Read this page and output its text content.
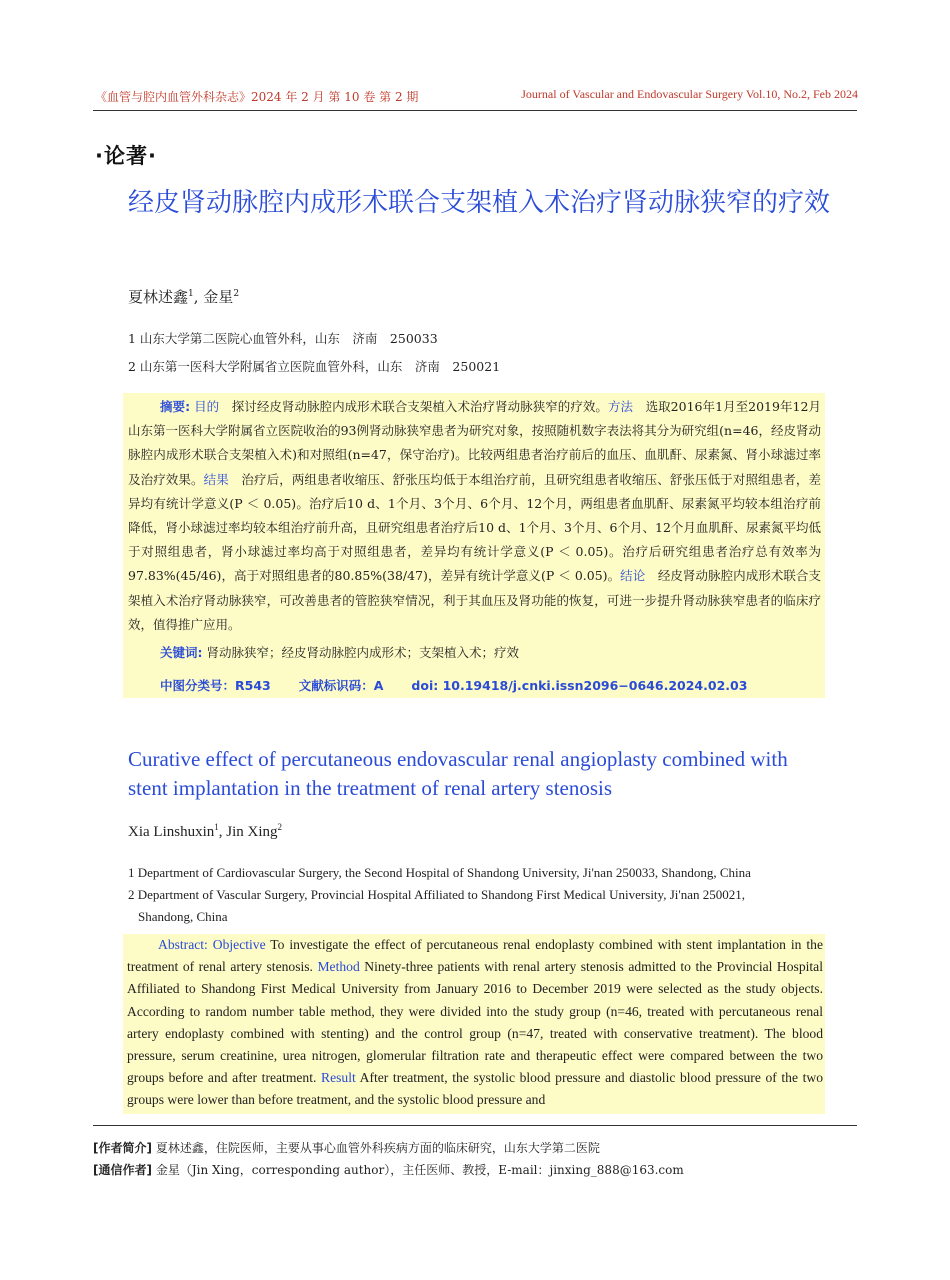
《血管与腔内血管外科杂志》2024 年 2 月 第 10 卷 第 2 期	Journal of Vascular and Endovascular Surgery Vol.10, No.2, Feb 2024
·论著·
经皮肾动脉腔内成形术联合支架植入术治疗肾动脉狭窄的疗效
夏林述鑫$^1$, 金星$^2$
1 山东大学第二医院心血管外科，山东　济南　250033
2 山东第一医科大学附属省立医院血管外科，山东　济南　250021
摘要: 目的　探讨经皮肾动脉腔内成形术联合支架植入术治疗肾动脉狭窄的疗效。方法　选取2016年1月至2019年12月山东第一医科大学附属省立医院收治的93例肾动脉狭窄患者为研究对象，按照随机数字表法将其分为研究组(n=46，经皮肾动脉腔内成形术联合支架植入术)和对照组(n=47，保守治疗)。比较两组患者治疗前后的血压、血肌酐、尿素氮、肾小球滤过率及治疗效果。结果　治疗后，两组患者收缩压、舒张压均低于本组治疗前，且研究组患者收缩压、舒张压低于对照组患者，差异均有统计学意义(P ＜ 0.05)。治疗后10 d、1个月、3个月、6个月、12个月，两组患者血肌酐、尿素氮平均较本组治疗前降低，肾小球滤过率均较本组治疗前升高，且研究组患者治疗后10 d、1个月、3个月、6个月、12个月血肌酐、尿素氮平均低于对照组患者，肾小球滤过率均高于对照组患者，差异均有统计学意义(P ＜ 0.05)。治疗后研究组患者治疗总有效率为97.83%(45/46)，高于对照组患者的80.85%(38/47)，差异有统计学意义(P ＜ 0.05)。结论　经皮肾动脉腔内成形术联合支架植入术治疗肾动脉狭窄，可改善患者的管腔狭窄情况，利于其血压及肾功能的恢复，可进一步提升肾动脉狭窄患者的临床疗效，值得推广应用。
关键词: 肾动脉狭窄；经皮肾动脉腔内成形术；支架植入术；疗效
中图分类号：R543 文献标识码：A doi: 10.19418/j.cnki.issn2096−0646.2024.02.03
Curative effect of percutaneous endovascular renal angioplasty combined with stent implantation in the treatment of renal artery stenosis
Xia Linshuxin$^1$, Jin Xing$^2$
1 Department of Cardiovascular Surgery, the Second Hospital of Shandong University, Ji'nan 250033, Shandong, China
2 Department of Vascular Surgery, Provincial Hospital Affiliated to Shandong First Medical University, Ji'nan 250021,
Shandong, China
Abstract: Objective To investigate the effect of percutaneous renal endoplasty combined with stent implantation in the treatment of renal artery stenosis. Method Ninety-three patients with renal artery stenosis admitted to the Provincial Hospital Affiliated to Shandong First Medical University from January 2016 to December 2019 were selected as the study objects. According to random number table method, they were divided into the study group (n=46, treated with percutaneous renal artery endoplasty combined with stenting) and the control group (n=47, treated with conservative treatment). The blood pressure, serum creatinine, urea nitrogen, glomerular filtration rate and therapeutic effect were compared between the two groups before and after treatment. Result After treatment, the systolic blood pressure and diastolic blood pressure of the two groups were lower than before treatment, and the systolic blood pressure and
[作者简介] 夏林述鑫，住院医师，主要从事心血管外科疾病方面的临床研究，山东大学第二医院
[通信作者] 金星（Jin Xing，corresponding author），主任医师、教授，E-mail：jinxing_888@163.com
